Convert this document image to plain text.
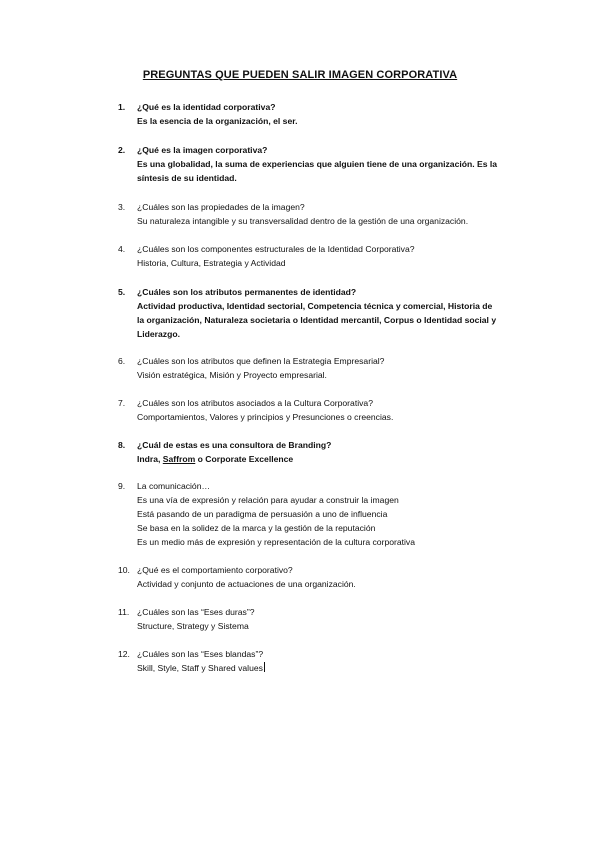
PREGUNTAS QUE PUEDEN SALIR IMAGEN CORPORATIVA
1.	¿Qué es la identidad corporativa?
Es la esencia de la organización, el ser.
2.	¿Qué es la imagen corporativa?
Es una globalidad, la suma de experiencias que alguien tiene de una organización. Es la síntesis de su identidad.
3.	¿Cuáles son las propiedades de la imagen?
Su naturaleza intangible y su transversalidad dentro de la gestión de una organización.
4.	¿Cuáles son los componentes estructurales de la Identidad Corporativa?
Historia, Cultura, Estrategia y Actividad
5.	¿Cuáles son los atributos permanentes de identidad?
Actividad productiva, Identidad sectorial, Competencia técnica y comercial, Historia de la organización, Naturaleza societaria o Identidad mercantil, Corpus o Identidad social y Liderazgo.
6.	¿Cuáles son los atributos que definen la Estrategia Empresarial?
Visión estratégica, Misión y Proyecto empresarial.
7.	¿Cuáles son los atributos asociados a la Cultura Corporativa?
Comportamientos, Valores y principios y Presunciones o creencias.
8.	¿Cuál de estas es una consultora de Branding?
Indra, Saffrom o Corporate Excellence
9.	La comunicación…
Es una vía de expresión y relación para ayudar a construir la imagen
Está pasando de un paradigma de persuasión a uno de influencia
Se basa en la solidez de la marca y la gestión de la reputación
Es un medio más de expresión y representación de la cultura corporativa
10. ¿Qué es el comportamiento corporativo?
Actividad y conjunto de actuaciones de una organización.
11. ¿Cuáles son las “Eses duras”?
Structure, Strategy y Sistema
12. ¿Cuáles son las “Eses blandas”?
Skill, Style, Staff y Shared values
